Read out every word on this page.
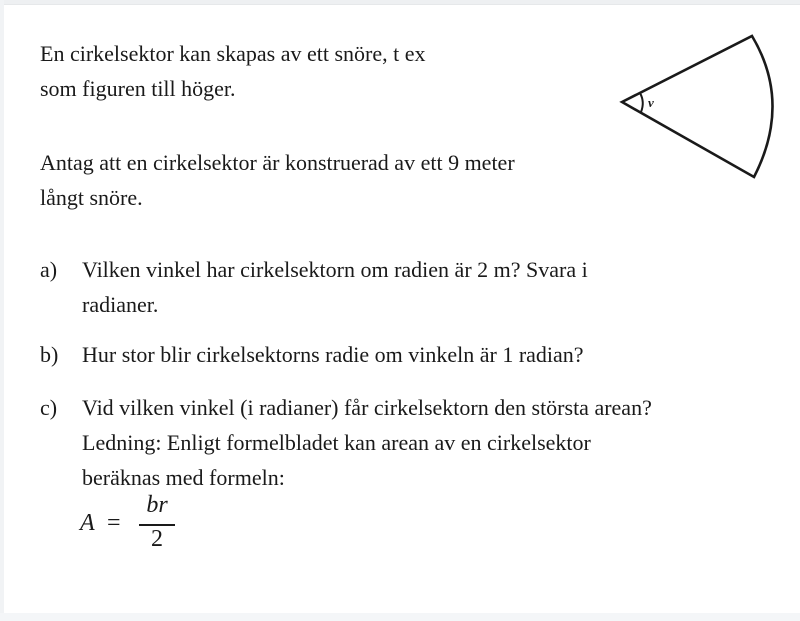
En cirkelsektor kan skapas av ett snöre, t ex
som figuren till höger.

Antag att en cirkelsektor är konstruerad av ett 9 meter
långt snöre.

a) Vilken vinkel har cirkelsektorn om radien är 2 m? Svara i
radianer.
b) Hur stor blir cirkelsektorns radie om vinkeln är 1 radian?
c) Vid vilken vinkel (i radianer) får cirkelsektorn den största arean?
Ledning: Enligt formelbladet kan arean av en cirkelsektor
beräknas med formeln:
A =
br
2
v
